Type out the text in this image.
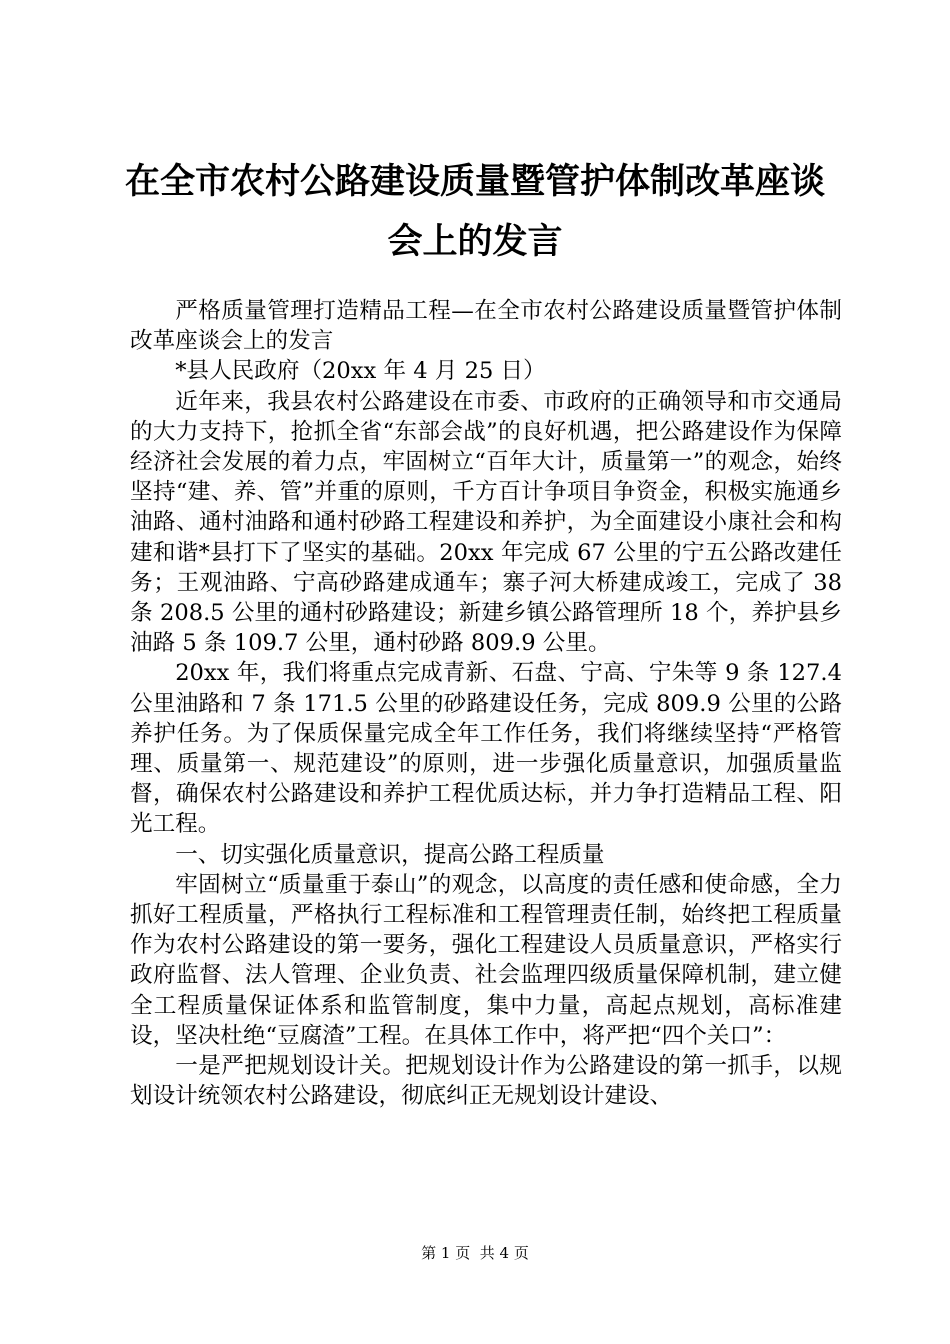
在全市农村公路建设质量暨管护体制改革座谈
会上的发言

严格质量管理打造精品工程—在全市农村公路建设质量暨管护体制改革座谈会上的发言

*县人民政府（20xx 年 4 月 25 日）

近年来，我县农村公路建设在市委、市政府的正确领导和市交通局的大力支持下，抢抓全省“东部会战”的良好机遇，把公路建设作为保障经济社会发展的着力点，牢固树立“百年大计，质量第一”的观念，始终坚持“建、养、管”并重的原则，千方百计争项目争资金，积极实施通乡油路、通村油路和通村砂路工程建设和养护，为全面建设小康社会和构建和谐*县打下了坚实的基础。20xx 年完成 67 公里的宁五公路改建任务；王观油路、宁高砂路建成通车；寨子河大桥建成竣工，完成了 38 条 208.5 公里的通村砂路建设；新建乡镇公路管理所 18 个，养护县乡油路 5 条 109.7 公里，通村砂路 809.9 公里。

20xx 年，我们将重点完成青新、石盘、宁高、宁朱等 9 条 127.4 公里油路和 7 条 171.5 公里的砂路建设任务，完成 809.9 公里的公路养护任务。为了保质保量完成全年工作任务，我们将继续坚持“严格管理、质量第一、规范建设”的原则，进一步强化质量意识，加强质量监督，确保农村公路建设和养护工程优质达标，并力争打造精品工程、阳光工程。

一、切实强化质量意识，提高公路工程质量

牢固树立“质量重于泰山”的观念，以高度的责任感和使命感，全力抓好工程质量，严格执行工程标准和工程管理责任制，始终把工程质量作为农村公路建设的第一要务，强化工程建设人员质量意识，严格实行政府监督、法人管理、企业负责、社会监理四级质量保障机制，建立健全工程质量保证体系和监管制度，集中力量，高起点规划，高标准建设，坚决杜绝“豆腐渣”工程。在具体工作中，将严把“四个关口”：

一是严把规划设计关。把规划设计作为公路建设的第一抓手，以规划设计统领农村公路建设，彻底纠正无规划设计建设、

第 1 页  共 4 页
